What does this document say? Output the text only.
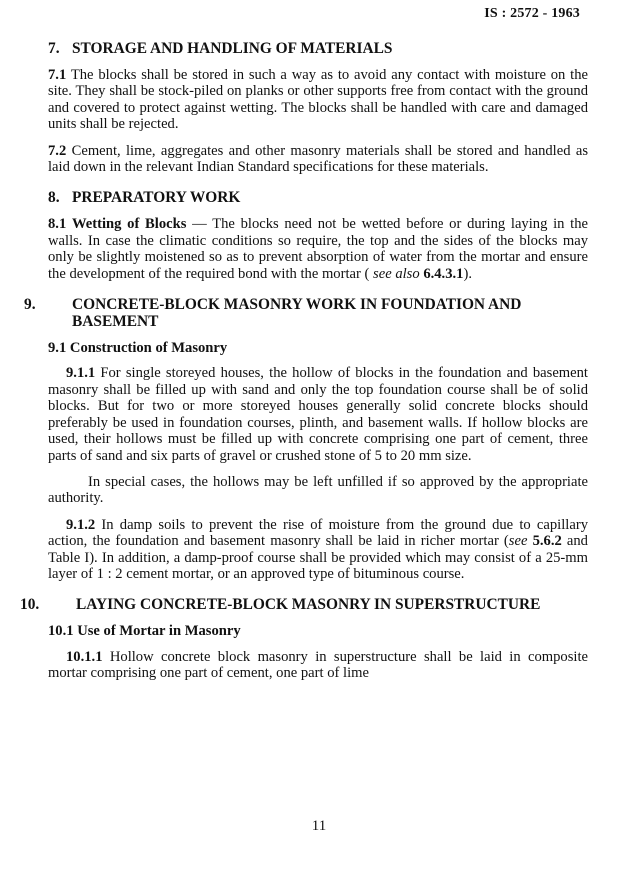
IS : 2572 - 1963
7. STORAGE AND HANDLING OF MATERIALS

7.1 The blocks shall be stored in such a way as to avoid any contact with moisture on the site. They shall be stock-piled on planks or other supports free from contact with the ground and covered to protect against wetting. The blocks shall be handled with care and damaged units shall be rejected.

7.2 Cement, lime, aggregates and other masonry materials shall be stored and handled as laid down in the relevant Indian Standard specifications for these materials.

8. PREPARATORY WORK

8.1 Wetting of Blocks — The blocks need not be wetted before or during laying in the walls. In case the climatic conditions so require, the top and the sides of the blocks may only be slightly moistened so as to prevent absorption of water from the mortar and ensure the development of the required bond with the mortar ( see also 6.4.3.1).

9. CONCRETE-BLOCK MASONRY WORK IN FOUNDATION AND BASEMENT
9.1 Construction of Masonry

9.1.1 For single storeyed houses, the hollow of blocks in the foundation and basement masonry shall be filled up with sand and only the top foundation course shall be of solid blocks. But for two or more storeyed houses generally solid concrete blocks should preferably be used in foundation courses, plinth, and basement walls. If hollow blocks are used, their hollows must be filled up with concrete comprising one part of cement, three parts of sand and six parts of gravel or crushed stone of 5 to 20 mm size.

In special cases, the hollows may be left unfilled if so approved by the appropriate authority.

9.1.2 In damp soils to prevent the rise of moisture from the ground due to capillary action, the foundation and basement masonry shall be laid in richer mortar (see 5.6.2 and Table I). In addition, a damp-proof course shall be provided which may consist of a 25-mm layer of 1 : 2 cement mortar, or an approved type of bituminous course.

10. LAYING CONCRETE-BLOCK MASONRY IN SUPERSTRUCTURE
10.1 Use of Mortar in Masonry

10.1.1 Hollow concrete block masonry in superstructure shall be laid in composite mortar comprising one part of cement, one part of lime

11
